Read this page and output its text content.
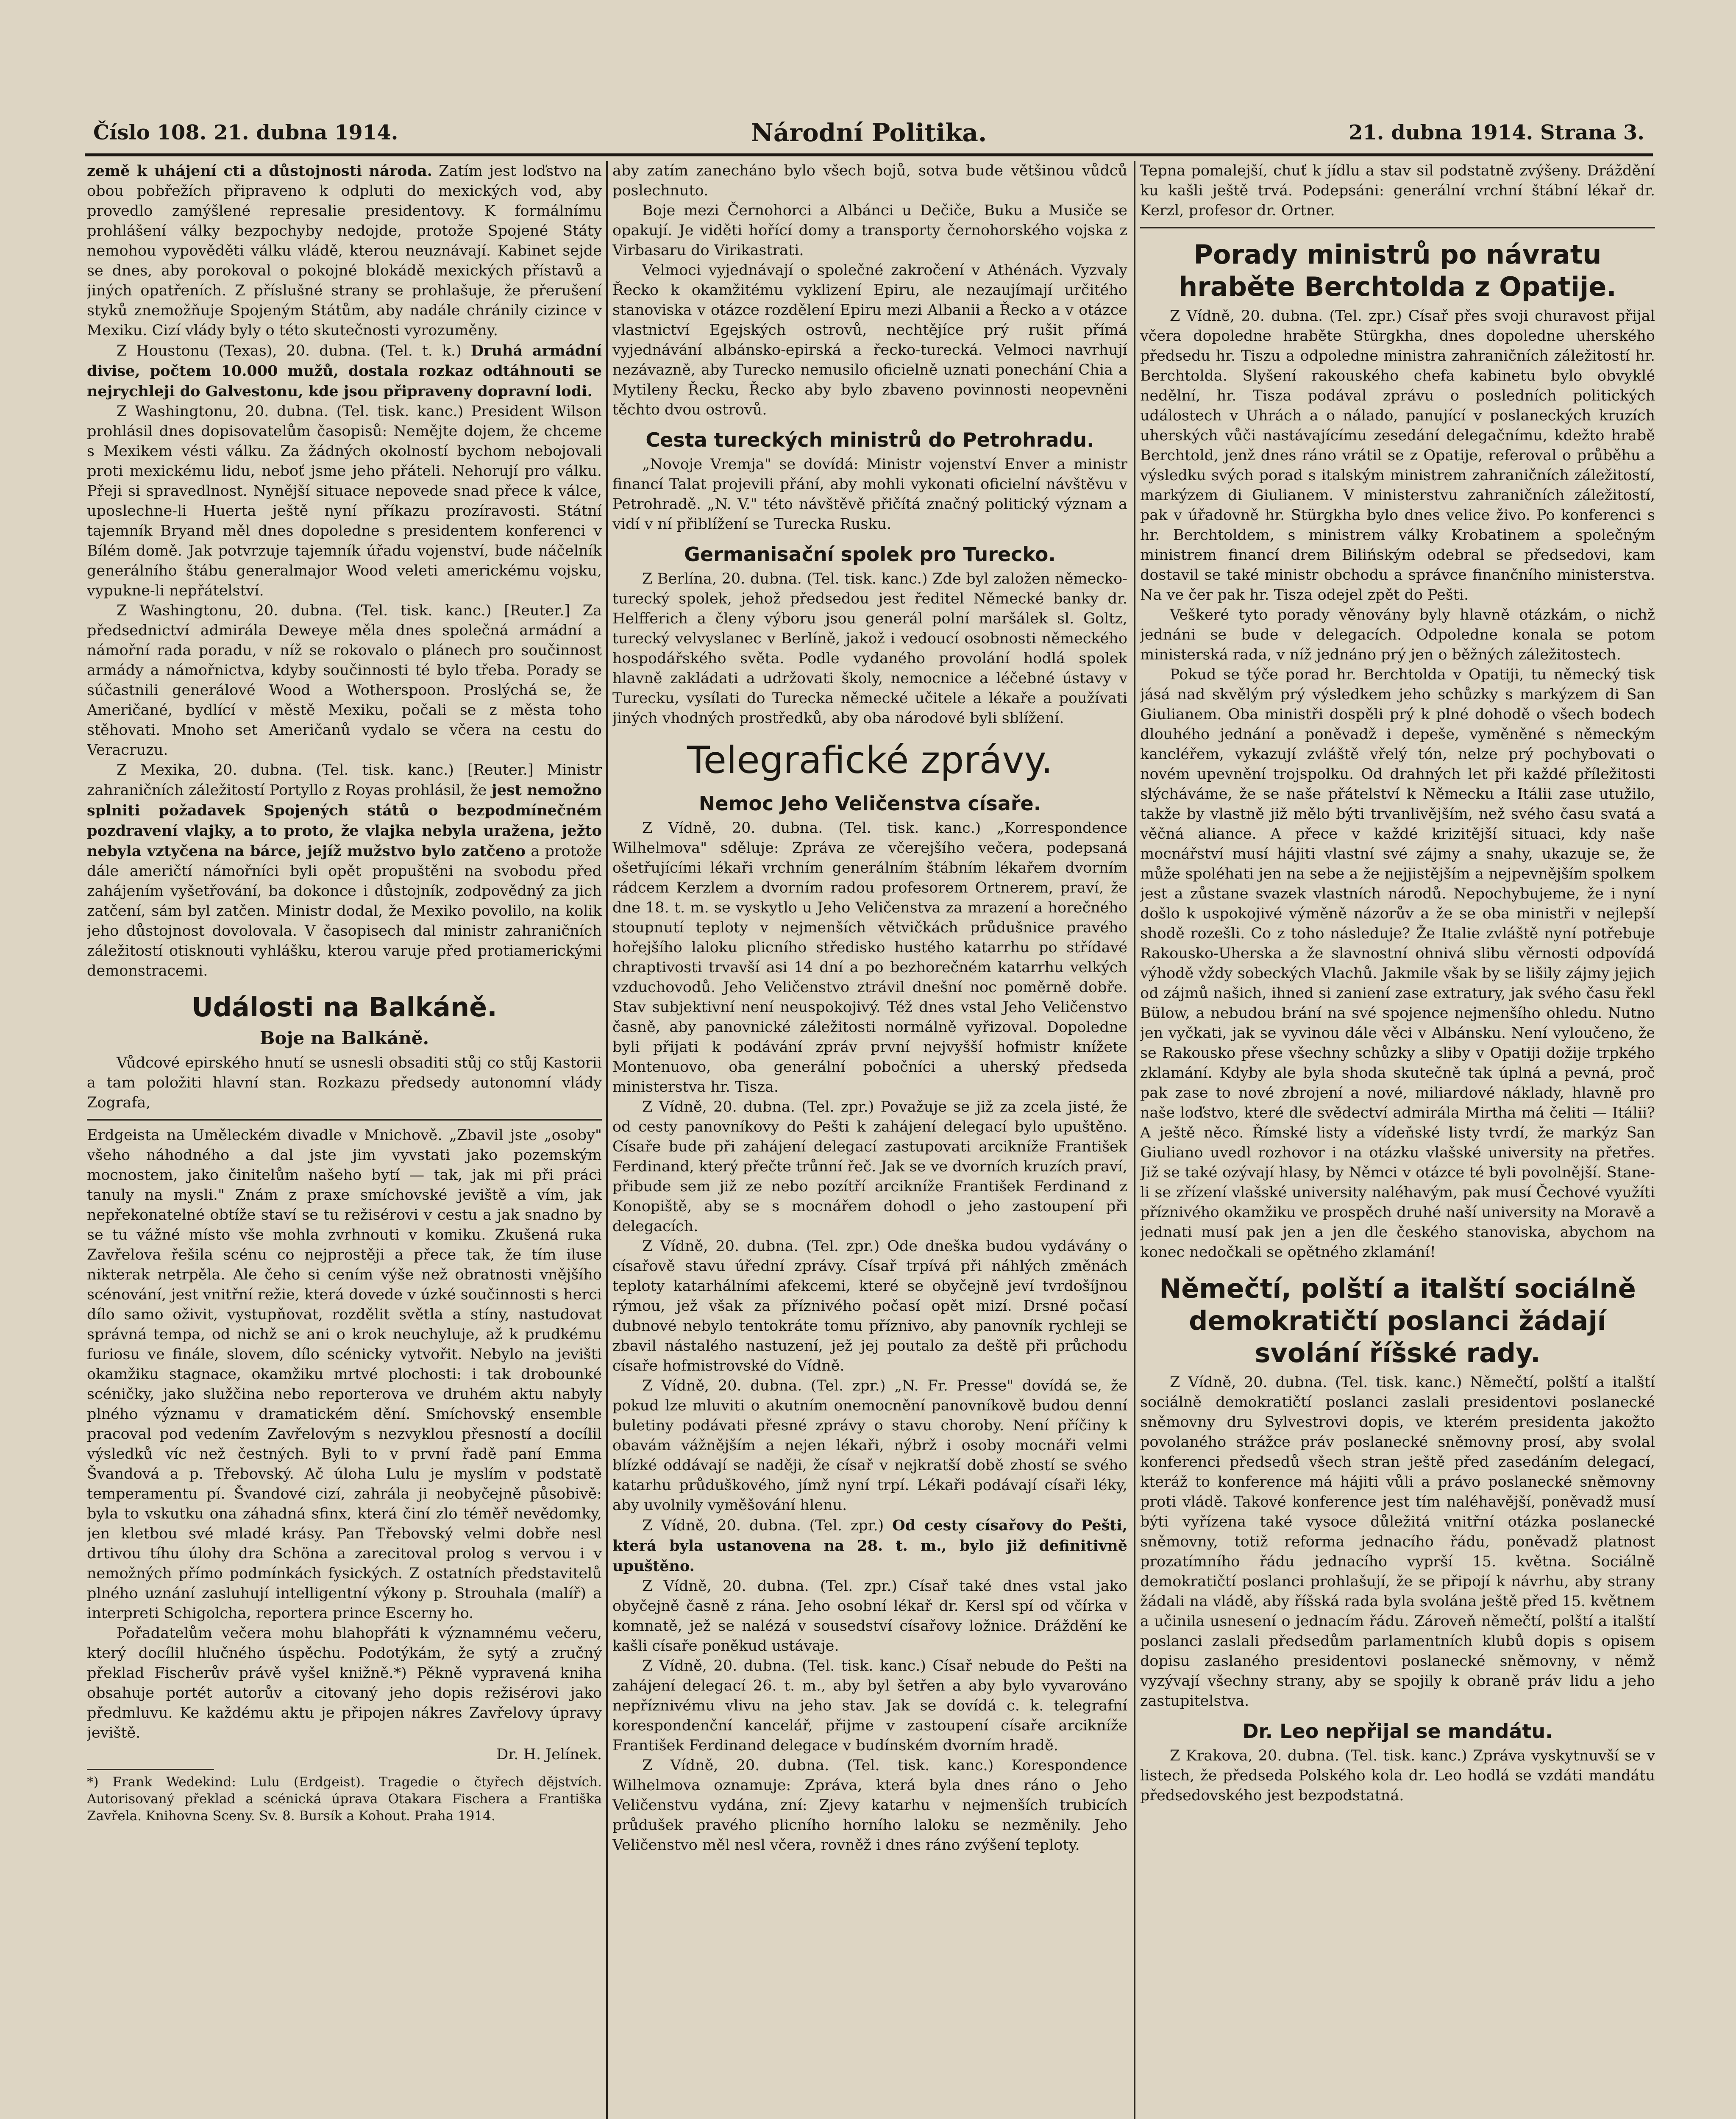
Číslo 108. 21. dubna 1914.	Národní Politika.	21. dubna 1914. Strana 3.

země k uhájení cti a důstojnosti národa. Zatím jest loďstvo na obou pobřežích připraveno k odpluti do mexických vod, aby provedlo zamýšlené represalie presidentovy. K formálnímu prohlášení války bezpochyby nedojde, protože Spojené Státy nemohou vypověděti válku vládě, kterou neuznávají. Kabinet sejde se dnes, aby porokoval o pokojné blokádě mexických přístavů a jiných opatřeních. Z příslušné strany se prohlašuje, že přerušení styků znemožňuje Spojeným Státům, aby nadále chránily cizince v Mexiku. Cizí vlády byly o této skutečnosti vyrozuměny.

Z Houstonu (Texas), 20. dubna. (Tel. t. k.) Druhá armádní divise, počtem 10.000 mužů, dostala rozkaz odtáhnouti se nejrychleji do Galvestonu, kde jsou připraveny dopravní lodi.

Z Washingtonu, 20. dubna. (Tel. tisk. kanc.) President Wilson prohlásil dnes dopisovatelům časopisů: Nemějte dojem, že chceme s Mexikem vésti válku. Za žádných okolností bychom nebojovali proti mexickému lidu, neboť jsme jeho přáteli. Nehorují pro válku. Přeji si spravedlnost. Nynější situace nepovede snad přece k válce, uposlechne-li Huerta ještě nyní příkazu prozíravosti. Státní tajemník Bryand měl dnes dopoledne s presidentem konferenci v Bílém domě. Jak potvrzuje tajemník úřadu vojenství, bude náčelník generálního štábu generalmajor Wood veleti americkému vojsku, vypukne-li nepřátelství.

Z Washingtonu, 20. dubna. (Tel. tisk. kanc.) [Reuter.] Za předsednictví admirála Deweye měla dnes společná armádní a námořní rada poradu, v níž se rokovalo o plánech pro součinnost armády a námořnictva, kdyby součinnosti té bylo třeba. Porady se súčastnili generálové Wood a Wotherspoon. Proslýchá se, že Američané, bydlící v městě Mexiku, počali se z města toho stěhovati. Mnoho set Američanů vydalo se včera na cestu do Veracruzu.

Z Mexika, 20. dubna. (Tel. tisk. kanc.) [Reuter.] Ministr zahraničních záležitostí Portyllo z Royas prohlásil, že jest nemožno splniti požadavek Spojených států o bezpodmínečném pozdravení vlajky, a to proto, že vlajka nebyla uražena, ježto nebyla vztyčena na bárce, jejíž mužstvo bylo zatčeno a protože dále američtí námořníci byli opět propuštěni na svobodu před zahájením vyšetřování, ba dokonce i důstojník, zodpovědný za jich zatčení, sám byl zatčen. Ministr dodal, že Mexiko povolilo, na kolik jeho důstojnost dovolovala. V časopisech dal ministr zahraničních záležitostí otisknouti vyhlášku, kterou varuje před protiamerickými demonstracemi.

Události na Balkáně.
Boje na Balkáně.

Vůdcové epirského hnutí se usnesli obsaditi stůj co stůj Kastorii a tam položiti hlavní stan. Rozkazu předsedy autonomní vlády Zografa,

Erdgeista na Uměleckém divadle v Mnichově. „Zbavil jste „osoby" všeho náhodného a dal jste jim vyvstati jako pozemským mocnostem, jako činitelům našeho bytí — tak, jak mi při práci tanuly na mysli." Znám z praxe smíchovské jeviště a vím, jak nepřekonatelné obtíže staví se tu režisérovi v cestu a jak snadno by se tu vážné místo vše mohla zvrhnouti v komiku. Zkušená ruka Zavřelova řešila scénu co nejprostěji a přece tak, že tím iluse nikterak netrpěla. Ale čeho si cením výše než obratnosti vnějšího scénování, jest vnitřní režie, která dovede v úzké součinnosti s herci dílo samo oživit, vystupňovat, rozdělit světla a stíny, nastudovat správná tempa, od nichž se ani o krok neuchyluje, až k prudkému furiosu ve finále, slovem, dílo scénicky vytvořit. Nebylo na jevišti okamžiku stagnace, okamžiku mrtvé plochosti: i tak drobounké scéničky, jako služčina nebo reporterova ve druhém aktu nabyly plného významu v dramatickém dění. Smíchovský ensemble pracoval pod vedením Zavřelovým s nezvyklou přesností a docílil výsledků víc než čestných. Byli to v první řadě paní Emma Švandová a p. Třebovský. Ač úloha Lulu je myslím v podstatě temperamentu pí. Švandové cizí, zahrála ji neobyčejně působivě: byla to vskutku ona záhadná sfinx, která činí zlo téměř nevědomky, jen kletbou své mladé krásy. Pan Třebovský velmi dobře nesl drtivou tíhu úlohy dra Schöna a zarecitoval prolog s vervou i v nemožných přímo podmínkách fysických. Z ostatních představitelů plného uznání zasluhují intelligentní výkony p. Strouhala (malíř) a interpreti Schigolcha, reportera prince Escerny ho.

Pořadatelům večera mohu blahopřáti k významnému večeru, který docílil hlučného úspěchu. Podotýkám, že sytý a zručný překlad Fischerův právě vyšel knižně.*) Pěkně vypravená kniha obsahuje portét autorův a citovaný jeho dopis režisérovi jako předmluvu. Ke každému aktu je připojen nákres Zavřelovy úpravy jeviště.

Dr. H. Jelínek.

*) Frank Wedekind: Lulu (Erdgeist). Tragedie o čtyřech dějstvích. Autorisovaný překlad a scénická úprava Otakara Fischera a Františka Zavřela. Knihovna Sceny. Sv. 8. Bursík a Kohout. Praha 1914.

aby zatím zanecháno bylo všech bojů, sotva bude většinou vůdců poslechnuto.

Boje mezi Černohorci a Albánci u Dečiče, Buku a Musiče se opakují. Je viděti hořící domy a transporty černohorského vojska z Virbasaru do Virikastrati.

Velmoci vyjednávají o společné zakročení v Athénách. Vyzvaly Řecko k okamžitému vyklizení Epiru, ale nezaujímají určitého stanoviska v otázce rozdělení Epiru mezi Albanii a Řecko a v otázce vlastnictví Egejských ostrovů, nechtějíce prý rušit přímá vyjednávání albánsko-epirská a řecko-turecká. Velmoci navrhují nezávazně, aby Turecko nemusilo oficielně uznati ponechání Chia a Mytileny Řecku, Řecko aby bylo zbaveno povinnosti neopevněni těchto dvou ostrovů.

Cesta tureckých ministrů do Petrohradu.

„Novoje Vremja" se dovídá: Ministr vojenství Enver a ministr financí Talat projevili přání, aby mohli vykonati oficielní návštěvu v Petrohradě. „N. V." této návštěvě přičítá značný politický význam a vidí v ní přiblížení se Turecka Rusku.

Germanisační spolek pro Turecko.

Z Berlína, 20. dubna. (Tel. tisk. kanc.) Zde byl založen německo-turecký spolek, jehož předsedou jest ředitel Německé banky dr. Helfferich a členy výboru jsou generál polní maršálek sl. Goltz, turecký velvyslanec v Berlíně, jakož i vedoucí osobnosti německého hospodářského světa. Podle vydaného provolání hodlá spolek hlavně zakládati a udržovati školy, nemocnice a léčebné ústavy v Turecku, vysílati do Turecka německé učitele a lékaře a používati jiných vhodných prostředků, aby oba národové byli sblížení.

Telegrafické zprávy.
Nemoc Jeho Veličenstva císaře.

Z Vídně, 20. dubna. (Tel. tisk. kanc.) „Korrespondence Wilhelmova" sděluje: Zpráva ze včerejšího večera, podepsaná ošetřujícími lékaři vrchním generálním štábním lékařem dvorním rádcem Kerzlem a dvorním radou profesorem Ortnerem, praví, že dne 18. t. m. se vyskytlo u Jeho Veličenstva za mrazení a horečného stoupnutí teploty v nejmenších větvičkách průdušnice pravého hořejšího laloku plicního středisko hustého katarrhu po střídavé chraptivosti trvavší asi 14 dní a po bezhorečném katarrhu velkých vzduchovodů. Jeho Veličenstvo ztrávil dnešní noc poměrně dobře. Stav subjektivní není neuspokojivý. Též dnes vstal Jeho Veličenstvo časně, aby panovnické záležitosti normálně vyřizoval. Dopoledne byli přijati k podávání zpráv první nejvyšší hofmistr knížete Montenuovo, oba generální pobočníci a uherský předseda ministerstva hr. Tisza.

Z Vídně, 20. dubna. (Tel. zpr.) Považuje se již za zcela jisté, že od cesty panovníkovy do Pešti k zahájení delegací bylo upuštěno. Císaře bude při zahájení delegací zastupovati arcikníže František Ferdinand, který přečte trůnní řeč. Jak se ve dvorních kruzích praví, přibude sem již ze nebo pozítří arcikníže František Ferdinand z Konopiště, aby se s mocnářem dohodl o jeho zastoupení při delegacích.

Z Vídně, 20. dubna. (Tel. zpr.) Ode dneška budou vydávány o císařově stavu úřední zprávy. Císař trpívá při náhlých změnách teploty katarhálními afekcemi, které se obyčejně jeví tvrdošíjnou rýmou, jež však za příznivého počasí opět mizí. Drsné počasí dubnové nebylo tentokráte tomu příznivo, aby panovník rychleji se zbavil nástalého nastuzení, jež jej poutalo za deště při průchodu císaře hofmistrovské do Vídně.

Z Vídně, 20. dubna. (Tel. zpr.) „N. Fr. Presse" dovídá se, že pokud lze mluviti o akutním onemocnění panovníkově budou denní buletiny podávati přesné zprávy o stavu choroby. Není příčiny k obavám vážnějším a nejen lékaři, nýbrž i osoby mocnáři velmi blízké oddávají se naději, že císař v nejkratší době zhostí se svého katarhu průduškového, jímž nyní trpí. Lékaři podávají císaři léky, aby uvolnily vyměšování hlenu.

Z Vídně, 20. dubna. (Tel. zpr.) Od cesty císařovy do Pešti, která byla ustanovena na 28. t. m., bylo již definitivně upuštěno.

Z Vídně, 20. dubna. (Tel. zpr.) Císař také dnes vstal jako obyčejně časně z rána. Jeho osobní lékař dr. Kersl spí od včírka v komnatě, jež se nalézá v sousedství císařovy ložnice. Dráždění ke kašli císaře poněkud ustávaje.

Z Vídně, 20. dubna. (Tel. tisk. kanc.) Císař nebude do Pešti na zahájení delegací 26. t. m., aby byl šetřen a aby bylo vyvarováno nepříznivému vlivu na jeho stav. Jak se dovídá c. k. telegrafní korespondenční kancelář, přijme v zastoupení císaře arcikníže František Ferdinand delegace v budínském dvorním hradě.

Z Vídně, 20. dubna. (Tel. tisk. kanc.) Korespondence Wilhelmova oznamuje: Zpráva, která byla dnes ráno o Jeho Veličenstvu vydána, zní: Zjevy katarhu v nejmenších trubicích průdušek pravého plicního horního laloku se nezměnily. Jeho Veličenstvo měl nesl včera, rovněž i dnes ráno zvýšení teploty.

Tepna pomalejší, chuť k jídlu a stav sil podstatně zvýšeny. Dráždění ku kašli ještě trvá. Podepsáni: generální vrchní štábní lékař dr. Kerzl, profesor dr. Ortner.

Porady ministrů po návratu hraběte Berchtolda z Opatije.

Z Vídně, 20. dubna. (Tel. zpr.) Císař přes svoji churavost přijal včera dopoledne hraběte Stürgkha, dnes dopoledne uherského předsedu hr. Tiszu a odpoledne ministra zahraničních záležitostí hr. Berchtolda. Slyšení rakouského chefa kabinetu bylo obvyklé nedělní, hr. Tisza podával zprávu o posledních politických událostech v Uhrách a o nálado, panující v poslaneckých kruzích uherských vůči nastávajícímu zesedání delegačnímu, kdežto hrabě Berchtold, jenž dnes ráno vrátil se z Opatije, referoval o průběhu a výsledku svých porad s italským ministrem zahraničních záležitostí, markýzem di Giulianem. V ministerstvu zahraničních záležitostí, pak v úřadovně hr. Stürgkha bylo dnes velice živo. Po konferenci s hr. Berchtoldem, s ministrem války Krobatinem a společným ministrem financí drem Bilińským odebral se předsedovi, kam dostavil se také ministr obchodu a správce finančního ministerstva. Na ve čer pak hr. Tisza odejel zpět do Pešti.

Veškeré tyto porady věnovány byly hlavně otázkám, o nichž jednáni se bude v delegacích. Odpoledne konala se potom ministerská rada, v níž jednáno prý jen o běžných záležitostech.

Pokud se týče porad hr. Berchtolda v Opatiji, tu německý tisk jásá nad skvělým prý výsledkem jeho schůzky s markýzem di San Giulianem. Oba ministři dospěli prý k plné dohodě o všech bodech dlouhého jednání a poněvadž i depeše, vyměněné s německým kancléřem, vykazují zvláště vřelý tón, nelze prý pochybovati o novém upevnění trojspolku. Od drahných let při každé příležitosti slýcháváme, že se naše přátelství k Německu a Itálii zase utužilo, takže by vlastně již mělo býti trvanlivějším, než svého času svatá a věčná aliance. A přece v každé krizitější situaci, kdy naše mocnářství musí hájiti vlastní své zájmy a snahy, ukazuje se, že může spoléhati jen na sebe a že nejjistějším a nejpevnějším spolkem jest a zůstane svazek vlastních národů. Nepochybujeme, že i nyní došlo k uspokojivé výměně názorův a že se oba ministři v nejlepší shodě rozešli. Co z toho následuje? Že Italie zvláště nyní potřebuje Rakousko-Uherska a že slavnostní ohnivá slibu věrnosti odpovídá výhodě vždy sobeckých Vlachů. Jakmile však by se lišily zájmy jejich od zájmů našich, ihned si zaniení zase extratury, jak svého času řekl Bülow, a nebudou brání na své spojence nejmenšího ohledu. Nutno jen vyčkati, jak se vyvinou dále věci v Albánsku. Není vyloučeno, že se Rakousko přese všechny schůzky a sliby v Opatiji dožije trpkého zklamání. Kdyby ale byla shoda skutečně tak úplná a pevná, proč pak zase to nové zbrojení a nové, miliardové náklady, hlavně pro naše loďstvo, které dle svědectví admirála Mirtha má čeliti — Itálii? A ještě něco. Římské listy a vídeňské listy tvrdí, že markýz San Giuliano uvedl rozhovor i na otázku vlašské university na přetřes. Již se také ozývají hlasy, by Němci v otázce té byli povolnější. Stane-li se zřízení vlašské university naléhavým, pak musí Čechové využíti příznivého okamžiku ve prospěch druhé naší university na Moravě a jednati musí pak jen a jen dle českého stanoviska, abychom na konec nedočkali se opětného zklamání!

Němečtí, polští a italští sociálně demokratičtí poslanci žádají svolání říšské rady.

Z Vídně, 20. dubna. (Tel. tisk. kanc.) Němečtí, polští a italští sociálně demokratičtí poslanci zaslali presidentovi poslanecké sněmovny dru Sylvestrovi dopis, ve kterém presidenta jakožto povolaného strážce práv poslanecké sněmovny prosí, aby svolal konferenci předsedů všech stran ještě před zasedáním delegací, kteráž to konference má hájiti vůli a právo poslanecké sněmovny proti vládě. Takové konference jest tím naléhavější, poněvadž musí býti vyřízena také vysoce důležitá vnitřní otázka poslanecké sněmovny, totiž reforma jednacího řádu, poněvadž platnost prozatímního řádu jednacího vyprší 15. května. Sociálně demokratičtí poslanci prohlašují, že se připojí k návrhu, aby strany žádali na vládě, aby říšská rada byla svolána ještě před 15. květnem a učinila usnesení o jednacím řádu. Zároveň němečtí, polští a italští poslanci zaslali předsedům parlamentních klubů dopis s opisem dopisu zaslaného presidentovi poslanecké sněmovny, v němž vyzývají všechny strany, aby se spojily k obraně práv lidu a jeho zastupitelstva.

Dr. Leo nepřijal se mandátu.

Z Krakova, 20. dubna. (Tel. tisk. kanc.) Zpráva vyskytnuvší se v listech, že předseda Polského kola dr. Leo hodlá se vzdáti mandátu předsedovského jest bezpodstatná.
